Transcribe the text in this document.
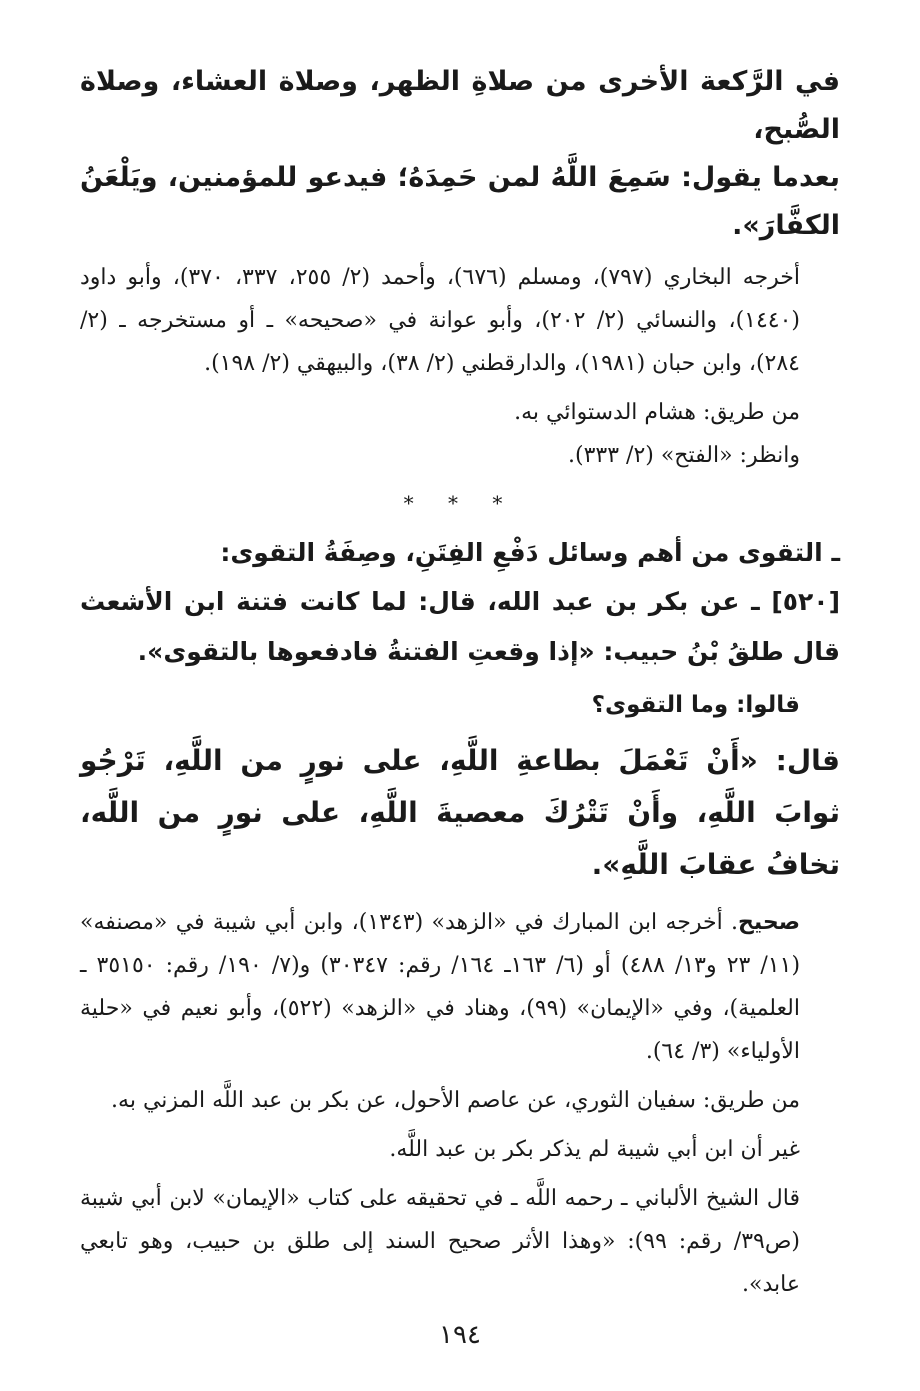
في الرَّكعة الأخرى من صلاةِ الظهر، وصلاة العشاء، وصلاة الصُّبح،
بعدما يقول: سَمِعَ اللَّهُ لمن حَمِدَهُ؛ فيدعو للمؤمنين، ويَلْعَنُ الكفَّارَ».

أخرجه البخاري (٧٩٧)، ومسلم (٦٧٦)، وأحمد (٢/ ٢٥٥، ٣٣٧، ٣٧٠)، وأبو داود (١٤٤٠)، والنسائي (٢/ ٢٠٢)، وأبو عوانة في «صحيحه» ـ أو مستخرجه ـ (٢/ ٢٨٤)، وابن حبان (١٩٨١)، والدارقطني (٢/ ٣٨)، والبيهقي (٢/ ١٩٨).

من طريق: هشام الدستوائي به.

وانظر: «الفتح» (٢/ ٣٣٣).

* * *

ـ التقوى من أهم وسائل دَفْعِ الفِتَنِ، وصِفَةُ التقوى:

[٥٢٠] ـ عن بكر بن عبد الله، قال: لما كانت فتنة ابن الأشعث قال طلقُ بْنُ حبيب: «إذا وقعتِ الفتنةُ فادفعوها بالتقوى».

قالوا: وما التقوى؟

قال: «أَنْ تَعْمَلَ بطاعةِ اللَّهِ، على نورٍ من اللَّهِ، تَرْجُو ثوابَ اللَّهِ، وأَنْ تَتْرُكَ معصيةَ اللَّهِ، على نورٍ من اللَّه، تخافُ عقابَ اللَّهِ».

صحيح. أخرجه ابن المبارك في «الزهد» (١٣٤٣)، وابن أبي شيبة في «مصنفه» (١١/ ٢٣ و١٣/ ٤٨٨) أو (٦/ ١٦٣ـ ١٦٤/ رقم: ٣٠٣٤٧) و(٧/ ١٩٠/ رقم: ٣٥١٥٠ ـ العلمية)، وفي «الإيمان» (٩٩)، وهناد في «الزهد» (٥٢٢)، وأبو نعيم في «حلية الأولياء» (٣/ ٦٤).

من طريق: سفيان الثوري، عن عاصم الأحول، عن بكر بن عبد اللَّه المزني به.

غير أن ابن أبي شيبة لم يذكر بكر بن عبد اللَّه.

قال الشيخ الألباني ـ رحمه اللَّه ـ في تحقيقه على كتاب «الإيمان» لابن أبي شيبة (ص٣٩/ رقم: ٩٩): «وهذا الأثر صحيح السند إلى طلق بن حبيب، وهو تابعي عابد».

١٩٤
